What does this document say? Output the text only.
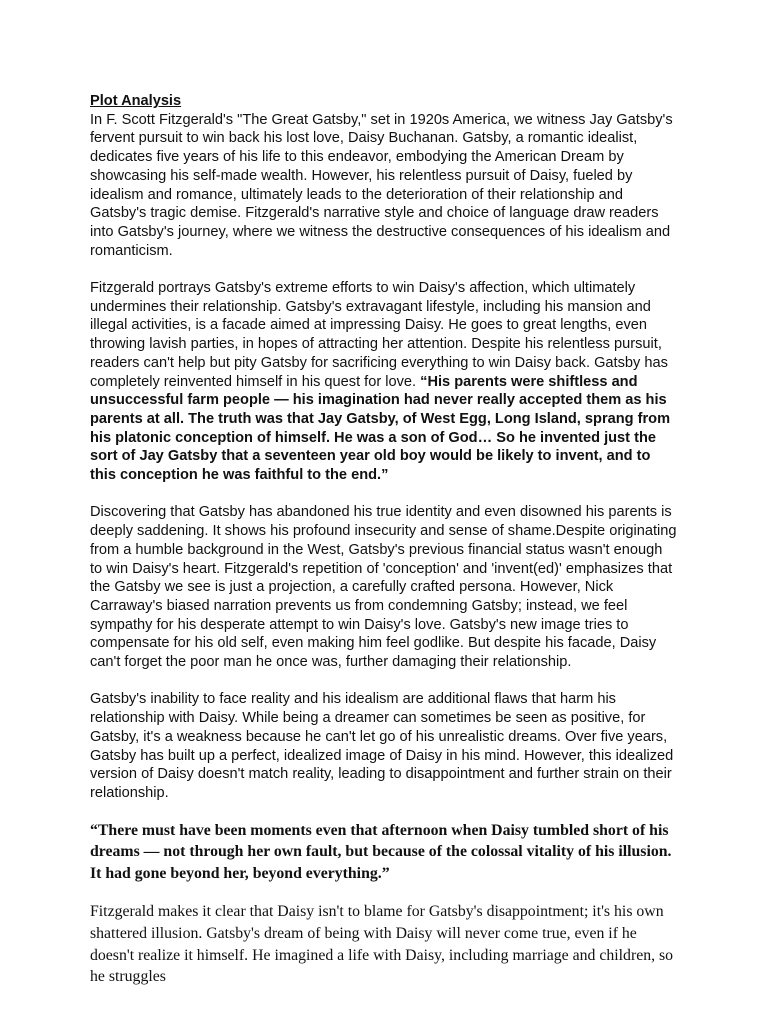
Plot Analysis

In F. Scott Fitzgerald's "The Great Gatsby," set in 1920s America, we witness Jay Gatsby's fervent pursuit to win back his lost love, Daisy Buchanan. Gatsby, a romantic idealist, dedicates five years of his life to this endeavor, embodying the American Dream by showcasing his self-made wealth. However, his relentless pursuit of Daisy, fueled by idealism and romance, ultimately leads to the deterioration of their relationship and Gatsby's tragic demise. Fitzgerald's narrative style and choice of language draw readers into Gatsby's journey, where we witness the destructive consequences of his idealism and romanticism.

Fitzgerald portrays Gatsby's extreme efforts to win Daisy's affection, which ultimately undermines their relationship. Gatsby's extravagant lifestyle, including his mansion and illegal activities, is a facade aimed at impressing Daisy. He goes to great lengths, even throwing lavish parties, in hopes of attracting her attention. Despite his relentless pursuit, readers can't help but pity Gatsby for sacrificing everything to win Daisy back. Gatsby has completely reinvented himself in his quest for love. “His parents were shiftless and unsuccessful farm people — his imagination had never really accepted them as his parents at all. The truth was that Jay Gatsby, of West Egg, Long Island, sprang from his platonic conception of himself. He was a son of God… So he invented just the sort of Jay Gatsby that a seventeen year old boy would be likely to invent, and to this conception he was faithful to the end.”

Discovering that Gatsby has abandoned his true identity and even disowned his parents is deeply saddening. It shows his profound insecurity and sense of shame.Despite originating from a humble background in the West, Gatsby's previous financial status wasn't enough to win Daisy's heart. Fitzgerald's repetition of 'conception' and 'invent(ed)' emphasizes that the Gatsby we see is just a projection, a carefully crafted persona. However, Nick Carraway's biased narration prevents us from condemning Gatsby; instead, we feel sympathy for his desperate attempt to win Daisy's love. Gatsby's new image tries to compensate for his old self, even making him feel godlike. But despite his facade, Daisy can't forget the poor man he once was, further damaging their relationship.

Gatsby's inability to face reality and his idealism are additional flaws that harm his relationship with Daisy. While being a dreamer can sometimes be seen as positive, for Gatsby, it's a weakness because he can't let go of his unrealistic dreams. Over five years, Gatsby has built up a perfect, idealized image of Daisy in his mind. However, this idealized version of Daisy doesn't match reality, leading to disappointment and further strain on their relationship.

“There must have been moments even that afternoon when Daisy tumbled short of his dreams — not through her own fault, but because of the colossal vitality of his illusion. It had gone beyond her, beyond everything.”

Fitzgerald makes it clear that Daisy isn't to blame for Gatsby's disappointment; it's his own shattered illusion. Gatsby's dream of being with Daisy will never come true, even if he doesn't realize it himself. He imagined a life with Daisy, including marriage and children, so he struggles
